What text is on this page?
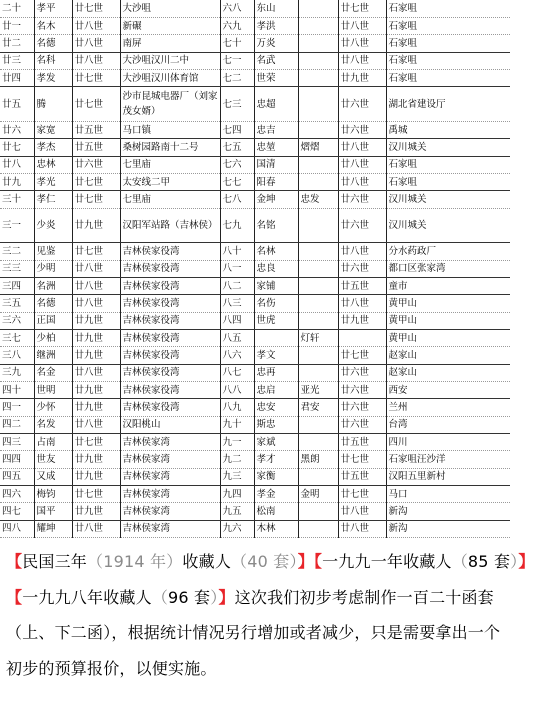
二十	孝平	廿七世	大沙咀	六八	东山		廿七世	石家咀
廿一	名木	廿八世	新碾	六九	孝洪		廿八世	石家咀
廿二	名德	廿八世	南屏	七十	万炎		廿八世	石家咀
廿三	名科	廿八世	大沙咀汉川二中	七一	名武		廿八世	石家咀
廿四	孝发	廿七世	大沙咀汉川体育馆	七二	世荣		廿九世	石家咀
廿五	腾	廿七世	沙市昆城电器厂（刘家茂女婿）	七三	忠超		廿六世	湖北省建设厅
廿六	家宽	廿五世	马口镇	七四	忠吉		廿六世	禹城
廿七	孝杰	廿五世	桑树园路南十二号	七五	忠堃	熠熠	廿八世	汉川城关
廿八	忠林	廿六世	七里庙	七六	国清		廿八世	石家咀
廿九	孝光	廿七世	太安线二甲	七七	阳春		廿八世	石家咀
三十	孝仁	廿七世	七里庙	七八	金坤	忠发	廿六世	汉川城关
三一	少炎	廿九世	汉阳军站路（吉林侯）	七九	名铭		廿六世	汉川城关
三二	见鉴	廿七世	吉林侯家役湾	八十	名林		廿八世	分水药政厂
三三	少明	廿八世	吉林侯家役湾	八一	忠良		廿六世	都口区张家湾
三四	名洲	廿八世	吉林侯家役湾	八二	家铺		廿五世	童市
三五	名德	廿八世	吉林侯家役湾	八三	名伤		廿八世	黄甲山
三六	正国	廿九世	吉林侯家役湾	八四	世虎		廿九世	黄甲山
三七	少柏	廿九世	吉林侯家役湾	八五		灯轩		黄甲山
三八	继洲	廿九世	吉林侯家役湾	八六	孝文		廿七世	赵家山
三九	名金	廿八世	吉林侯家役湾	八七	忠再		廿六世	赵家山
四十	世明	廿九世	吉林侯家役湾	八八	忠启	亚光	廿六世	西安
四一	少怀	廿九世	吉林侯家役湾	八九	忠安	君安	廿六世	兰州
四二	名发	廿八世	汉阳桃山	九十	斯忠		廿六世	台湾
四三	占南	廿七世	吉林侯家湾	九一	家斌		廿五世	四川
四四	世友	廿九世	吉林侯家湾	九二	孝才	黑朗	廿七世	石家咀汪沙洋
四五	又成	廿九世	吉林侯家湾	九三	家衡		廿五世	汉阳五里新村
四六	梅钧	廿七世	吉林侯家湾	九四	孝金	金明	廿七世	马口
四七	国平	廿九世	吉林侯家湾	九五	松南		廿八世	新沟
四八	耀坤	廿八世	吉林侯家湾	九六	木林		廿八世	新沟
【民国三年（1914 年）收藏人（40 套）】【一九九一年收藏人（85 套）】
【一九九八年收藏人（96 套）】这次我们初步考虑制作一百二十函套
（上、下二函），根据统计情况另行增加或者减少，只是需要拿出一个
初步的预算报价，以便实施。
